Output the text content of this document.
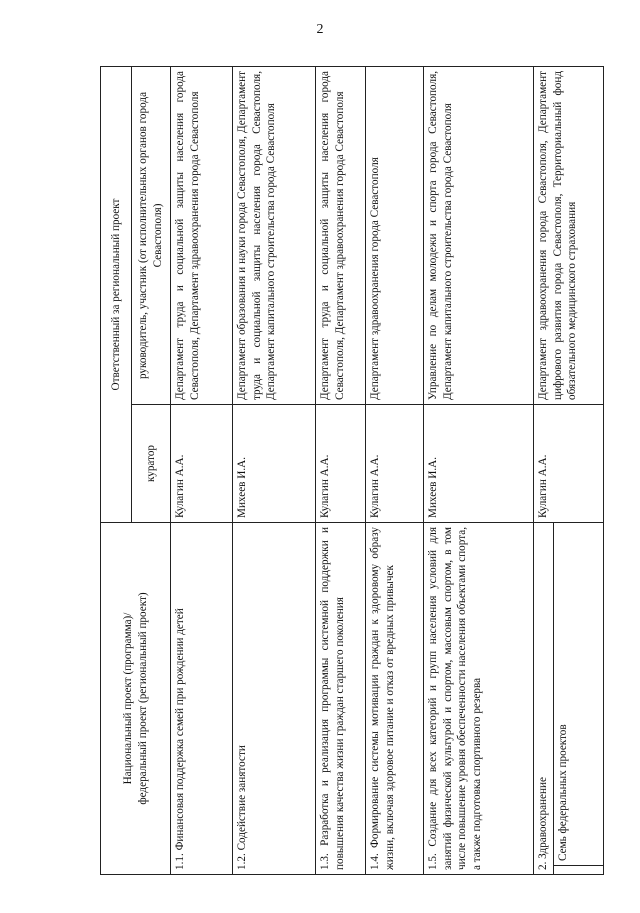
2
Национальный проект (программа)/ федеральный проект (региональный проект)	Ответственный за региональный проект	
	куратор	руководитель, участник (от исполнительных органов города Севастополя)
1.1. Финансовая поддержка семей при рождении детей	Кулагин А.А.	Департамент труда и социальной защиты населения города Севастополя, Департамент здравоохранения города Севастополя
1.2. Содействие занятости	Михеев И.А.	Департамент образования и науки города Севастополя, Департамент труда и социальной защиты населения города Севастополя, Департамент капитального строительства города Севастополя
1.3. Разработка и реализация программы системной поддержки и повышения качества жизни граждан старшего поколения	Кулагин А.А.	Департамент труда и социальной защиты населения города Севастополя, Департамент здравоохранения города Севастополя
1.4. Формирование системы мотивации граждан к здоровому образу жизни, включая здоровое питание и отказ от вредных привычек	Кулагин А.А.	Департамент здравоохранения города Севастополя
1.5. Создание для всех категорий и групп населения условий для занятий физической культурой и спортом, массовым спортом, в том числе повышение уровня обеспеченности населения объектами спорта, а также подготовка спортивного резерва	Михеев И.А.	Управление по делам молодежи и спорта города Севастополя, Департамент капитального строительства города Севастополя
2. Здравоохранение	Кулагин А.А.	Департамент здравоохранения города Севастополя, Департамент цифрового развития города Севастополя, Территориальный фонд обязательного медицинского страхования

Семь федеральных проектов		
